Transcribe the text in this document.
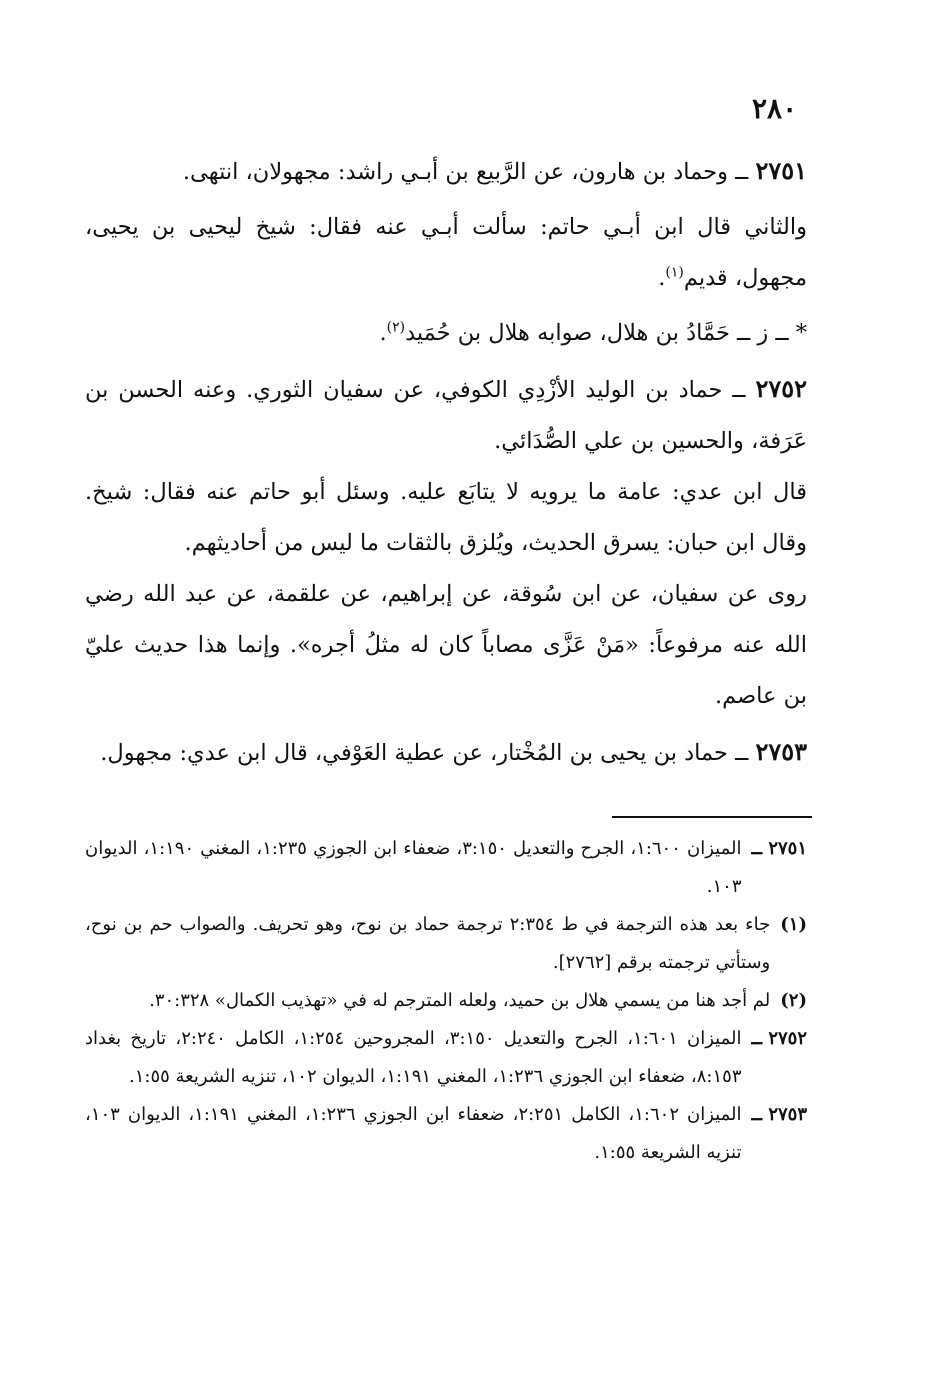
٢٨٠

٢٧٥١ ــ وحماد بن هارون، عن الرَّبيع بن أبـي راشد: مجهولان، انتهى.

والثاني قال ابن أبـي حاتم: سألت أبـي عنه فقال: شيخ ليحيى بن يحيى، مجهول، قديم$^{(١)}$.

* ــ ز ــ حَمَّادُ بن هلال، صوابه هلال بن حُمَيد$^{(٢)}$.

٢٧٥٢ ــ حماد بن الوليد الأزْدِي الكوفي، عن سفيان الثوري. وعنه الحسن بن عَرَفة، والحسين بن علي الصُّدَائي.

قال ابن عدي: عامة ما يرويه لا يتابَع عليه. وسئل أبو حاتم عنه فقال: شيخ. وقال ابن حبان: يسرق الحديث، ويُلزق بالثقات ما ليس من أحاديثهم.

روى عن سفيان، عن ابن سُوقة، عن إبراهيم، عن علقمة، عن عبد الله رضي الله عنه مرفوعاً: «مَنْ عَزَّى مصاباً كان له مثلُ أجره». وإنما هذا حديث عليّ بن عاصم.

٢٧٥٣ ــ حماد بن يحيى بن المُخْتار، عن عطية العَوْفي، قال ابن عدي: مجهول.

٢٧٥١ ــ
الميزان ١:٦٠٠، الجرح والتعديل ٣:١٥٠، ضعفاء ابن الجوزي ١:٢٣٥، المغني ١:١٩٠، الديوان ١٠٣.
(١)
جاء بعد هذه الترجمة في ط ٢:٣٥٤ ترجمة حماد بن نوح، وهو تحريف. والصواب حم بن نوح، وستأتي ترجمته برقم [٢٧٦٢].
(٢)
لم أجد هنا من يسمي هلال بن حميد، ولعله المترجم له في «تهذيب الكمال» ٣٠:٣٢٨.
٢٧٥٢ ــ
الميزان ١:٦٠١، الجرح والتعديل ٣:١٥٠، المجروحين ١:٢٥٤، الكامل ٢:٢٤٠، تاريخ بغداد ٨:١٥٣، ضعفاء ابن الجوزي ١:٢٣٦، المغني ١:١٩١، الديوان ١٠٢، تنزيه الشريعة ١:٥٥.
٢٧٥٣ ــ
الميزان ١:٦٠٢، الكامل ٢:٢٥١، ضعفاء ابن الجوزي ١:٢٣٦، المغني ١:١٩١، الديوان ١٠٣، تنزيه الشريعة ١:٥٥.
